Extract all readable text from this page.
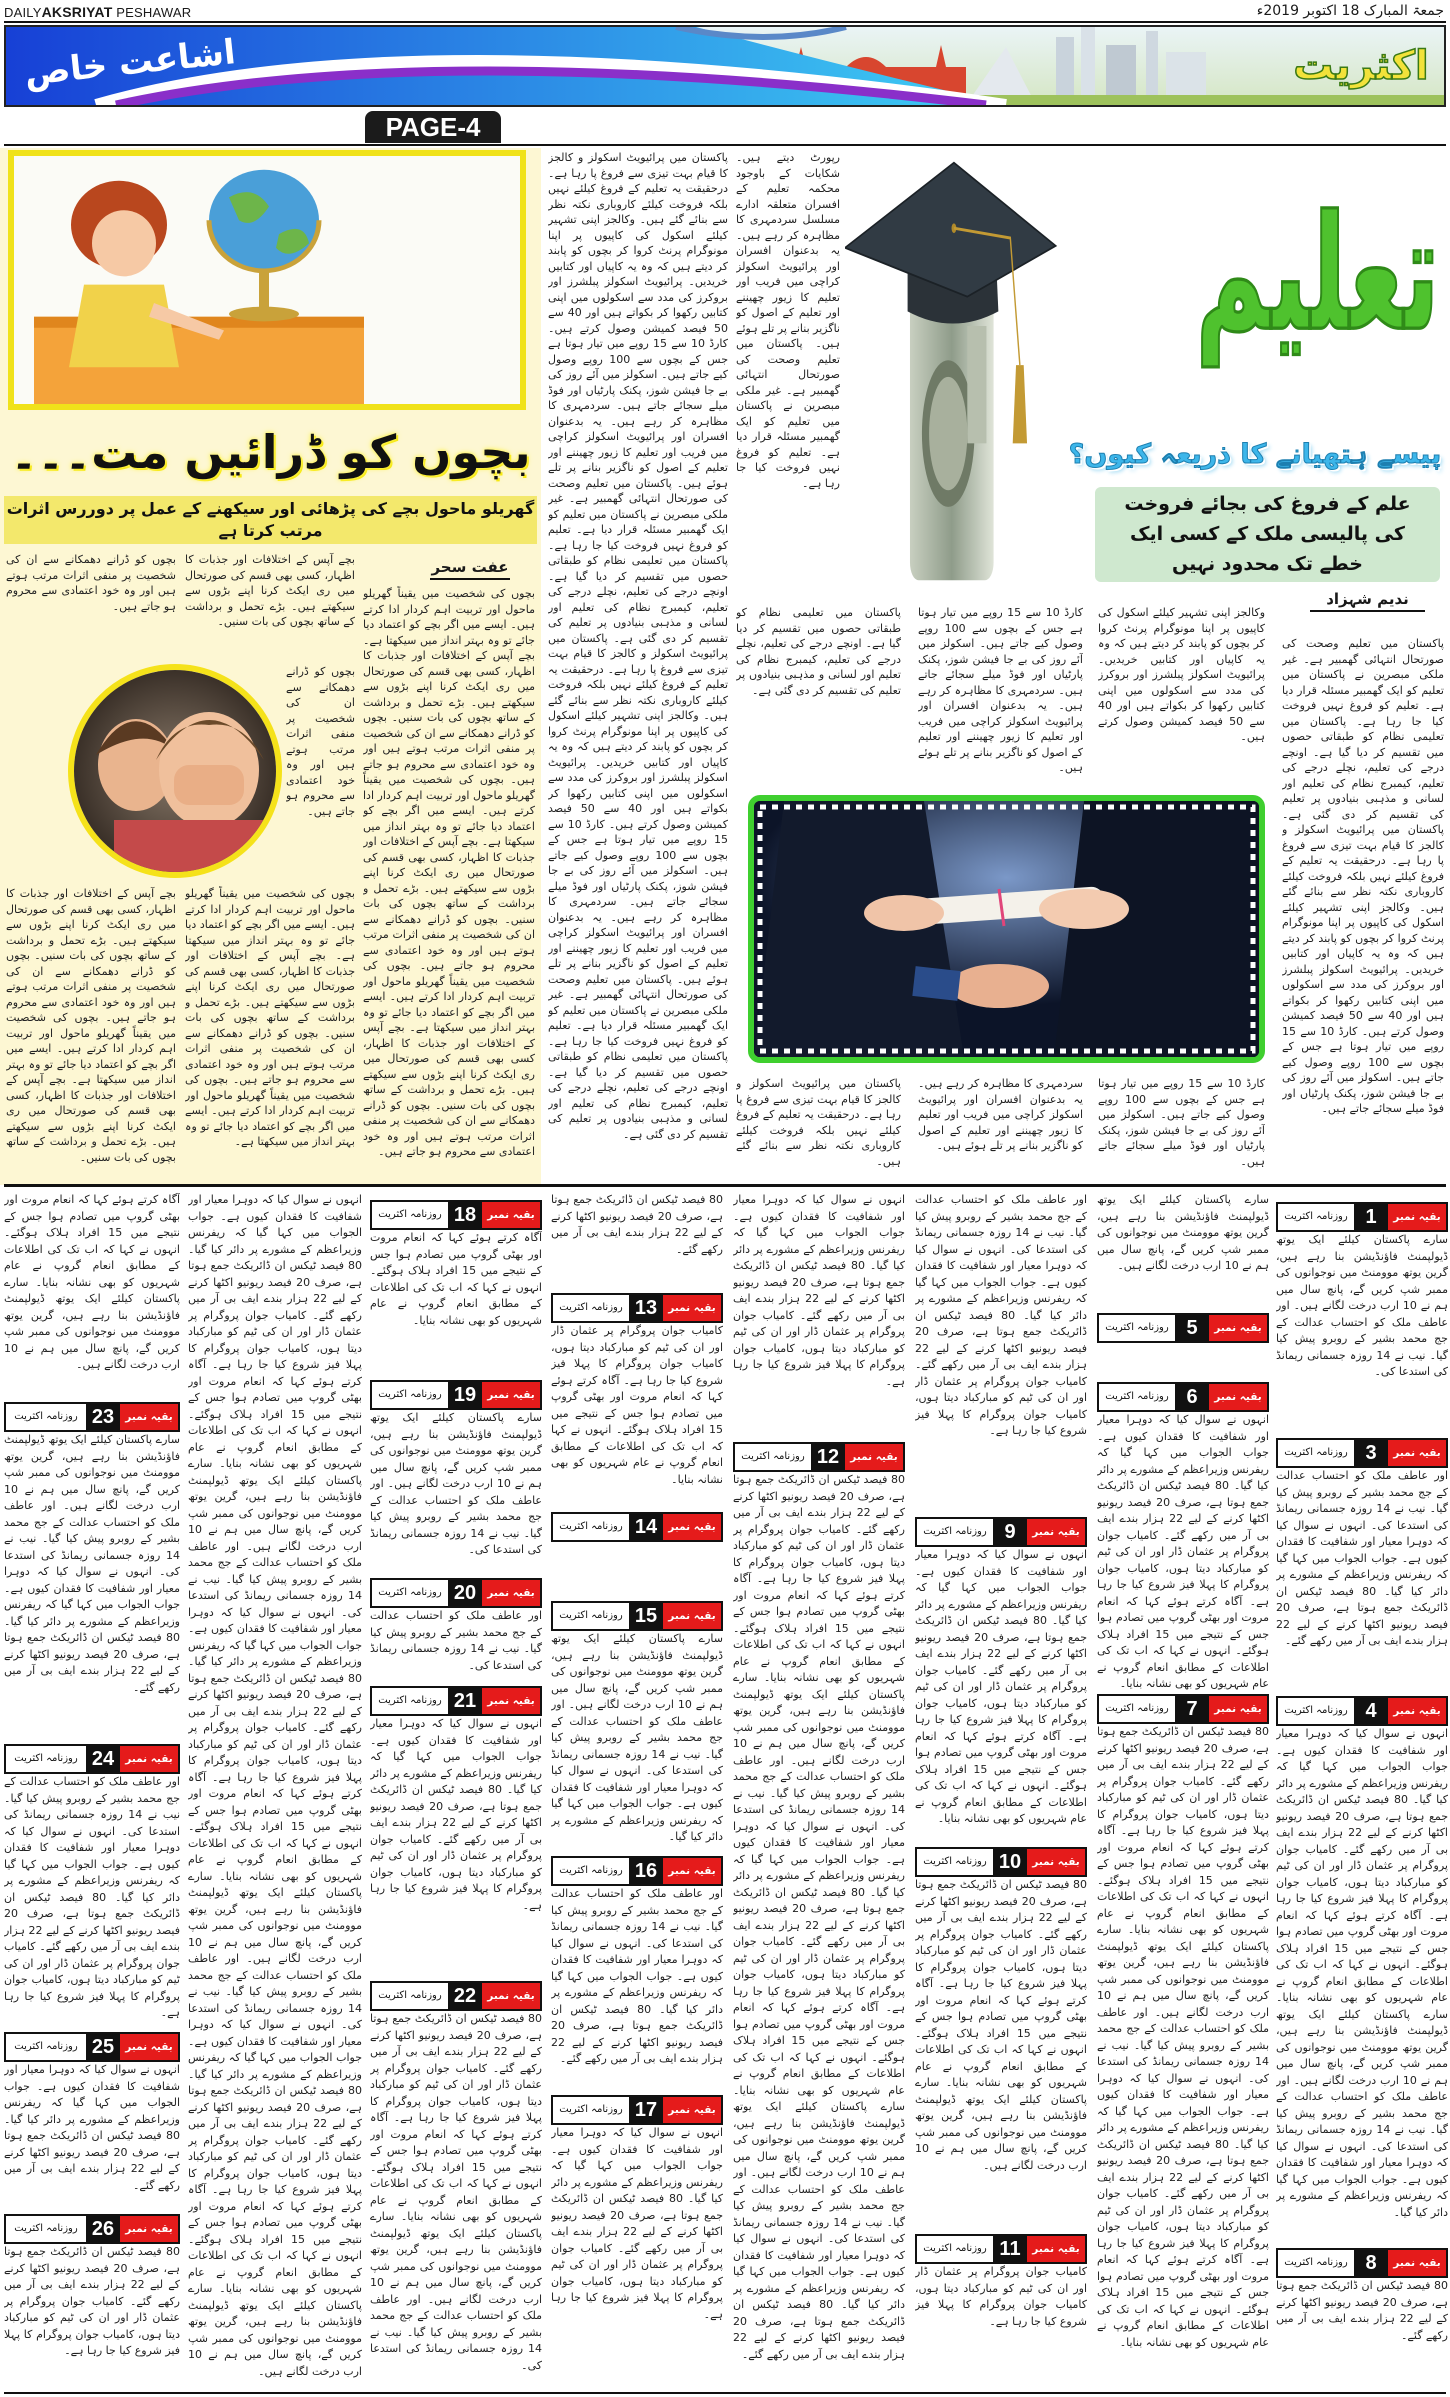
DAILYAKSRIYAT PESHAWAR	جمعۃ المبارک 18 اکتوبر 2019ء
اشاعت خاص	اکثریت
PAGE-4
بچوں کو ڈرائیں مت۔۔۔
گھریلو ماحول بچے کی پڑھائی اور سیکھنے کے عمل پر دوررس اثرات مرتب کرتا ہے
عفت سحر
بچوں کی شخصیت میں یقیناً گھریلو ماحول اور تربیت اہم کردار ادا کرتے ہیں۔ ایسے میں اگر بچے کو اعتماد دیا جائے تو وہ بہتر انداز میں سیکھتا ہے۔ بچے آپس کے اختلافات اور جذبات کا اظہار، کسی بھی قسم کی صورتحال میں ری ایکٹ کرنا اپنے بڑوں سے سیکھتے ہیں۔ بڑے تحمل و برداشت کے ساتھ بچوں کی بات سنیں۔ بچوں کو ڈرانے دھمکانے سے ان کی شخصیت پر منفی اثرات مرتب ہوتے ہیں اور وہ خود اعتمادی سے محروم ہو جاتے ہیں۔ بچوں کی شخصیت میں یقیناً گھریلو ماحول اور تربیت اہم کردار ادا کرتے ہیں۔ ایسے میں اگر بچے کو اعتماد دیا جائے تو وہ بہتر انداز میں سیکھتا ہے۔ بچے آپس کے اختلافات اور جذبات کا اظہار، کسی بھی قسم کی صورتحال میں ری ایکٹ کرنا اپنے بڑوں سے سیکھتے ہیں۔ بڑے تحمل و برداشت کے ساتھ بچوں کی بات سنیں۔ بچوں کو ڈرانے دھمکانے سے ان کی شخصیت پر منفی اثرات مرتب ہوتے ہیں اور وہ خود اعتمادی سے محروم ہو جاتے ہیں۔ بچوں کی شخصیت میں یقیناً گھریلو ماحول اور تربیت اہم کردار ادا کرتے ہیں۔ ایسے میں اگر بچے کو اعتماد دیا جائے تو وہ بہتر انداز میں سیکھتا ہے۔ بچے آپس کے اختلافات اور جذبات کا اظہار، کسی بھی قسم کی صورتحال میں ری ایکٹ کرنا اپنے بڑوں سے سیکھتے ہیں۔ بڑے تحمل و برداشت کے ساتھ بچوں کی بات سنیں۔ بچوں کو ڈرانے دھمکانے سے ان کی شخصیت پر منفی اثرات مرتب ہوتے ہیں اور وہ خود اعتمادی سے محروم ہو جاتے ہیں۔
بچے آپس کے اختلافات اور جذبات کا اظہار، کسی بھی قسم کی صورتحال میں ری ایکٹ کرنا اپنے بڑوں سے سیکھتے ہیں۔ بڑے تحمل و برداشت کے ساتھ بچوں کی بات سنیں۔
بچوں کو ڈرانے دھمکانے سے ان کی شخصیت پر منفی اثرات مرتب ہوتے ہیں اور وہ خود اعتمادی سے محروم ہو جاتے ہیں۔
بچوں کی شخصیت میں یقیناً گھریلو ماحول اور تربیت اہم کردار ادا کرتے ہیں۔ ایسے میں اگر بچے کو اعتماد دیا جائے تو وہ بہتر انداز میں سیکھتا ہے۔ بچے آپس کے اختلافات اور جذبات کا اظہار، کسی بھی قسم کی صورتحال میں ری ایکٹ کرنا اپنے بڑوں سے سیکھتے ہیں۔ بڑے تحمل و برداشت کے ساتھ بچوں کی بات سنیں۔ بچوں کو ڈرانے دھمکانے سے ان کی شخصیت پر منفی اثرات مرتب ہوتے ہیں اور وہ خود اعتمادی سے محروم ہو جاتے ہیں۔ بچوں کی شخصیت میں یقیناً گھریلو ماحول اور تربیت اہم کردار ادا کرتے ہیں۔ ایسے میں اگر بچے کو اعتماد دیا جائے تو وہ بہتر انداز میں سیکھتا ہے۔
بچوں کو ڈرانے دھمکانے سے ان کی شخصیت پر منفی اثرات مرتب ہوتے ہیں اور وہ خود اعتمادی سے محروم ہو جاتے ہیں۔
بچے آپس کے اختلافات اور جذبات کا اظہار، کسی بھی قسم کی صورتحال میں ری ایکٹ کرنا اپنے بڑوں سے سیکھتے ہیں۔ بڑے تحمل و برداشت کے ساتھ بچوں کی بات سنیں۔ بچوں کو ڈرانے دھمکانے سے ان کی شخصیت پر منفی اثرات مرتب ہوتے ہیں اور وہ خود اعتمادی سے محروم ہو جاتے ہیں۔ بچوں کی شخصیت میں یقیناً گھریلو ماحول اور تربیت اہم کردار ادا کرتے ہیں۔ ایسے میں اگر بچے کو اعتماد دیا جائے تو وہ بہتر انداز میں سیکھتا ہے۔ بچے آپس کے اختلافات اور جذبات کا اظہار، کسی بھی قسم کی صورتحال میں ری ایکٹ کرنا اپنے بڑوں سے سیکھتے ہیں۔ بڑے تحمل و برداشت کے ساتھ بچوں کی بات سنیں۔
پاکستان میں پرائیویٹ اسکولز و کالجز کا قیام بہت تیزی سے فروغ پا رہا ہے۔ درحقیقت یہ تعلیم کے فروغ کیلئے نہیں بلکہ فروخت کیلئے کاروباری نکتہ نظر سے بنائے گئے ہیں۔ وکالجز اپنی تشہیر کیلئے اسکول کی کاپیوں پر اپنا مونوگرام پرنٹ کروا کر بچوں کو پابند کر دیتے ہیں کہ وہ یہ کاپیاں اور کتابیں خریدیں۔ پرائیویٹ اسکولز پبلشرز اور بروکرز کی مدد سے اسکولوں میں اپنی کتابیں رکھوا کر بکواتے ہیں اور 40 سے 50 فیصد کمیشن وصول کرتے ہیں۔ کارڈ 10 سے 15 روپے میں تیار ہوتا ہے جس کے بچوں سے 100 روپے وصول کیے جاتے ہیں۔ اسکولز میں آئے روز کی بے جا فیشن شوز، پکنک پارٹیاں اور فوڈ میلے سجائے جاتے ہیں۔ سردمہری کا مظاہرہ کر رہے ہیں۔ یہ بدعنوان افسران اور پرائیویٹ اسکولز کراچی میں فریب اور تعلیم کا زیور چھیننے اور تعلیم کے اصول کو ناگزیر بنانے پر تلے ہوئے ہیں۔ پاکستان میں تعلیم وصحت کی صورتحال انتہائی گھمبیر ہے۔ غیر ملکی مبصرین نے پاکستان میں تعلیم کو ایک گھمبیر مسئلہ قرار دیا ہے۔ تعلیم کو فروغ نہیں فروخت کیا جا رہا ہے۔ پاکستان میں تعلیمی نظام کو طبقاتی حصوں میں تقسیم کر دیا گیا ہے۔ اونچے درجے کی تعلیم، نچلے درجے کی تعلیم، کیمبرج نظام کی تعلیم اور لسانی و مذہبی بنیادوں پر تعلیم کی تقسیم کر دی گئی ہے۔ پاکستان میں پرائیویٹ اسکولز و کالجز کا قیام بہت تیزی سے فروغ پا رہا ہے۔ درحقیقت یہ تعلیم کے فروغ کیلئے نہیں بلکہ فروخت کیلئے کاروباری نکتہ نظر سے بنائے گئے ہیں۔ وکالجز اپنی تشہیر کیلئے اسکول کی کاپیوں پر اپنا مونوگرام پرنٹ کروا کر بچوں کو پابند کر دیتے ہیں کہ وہ یہ کاپیاں اور کتابیں خریدیں۔ پرائیویٹ اسکولز پبلشرز اور بروکرز کی مدد سے اسکولوں میں اپنی کتابیں رکھوا کر بکواتے ہیں اور 40 سے 50 فیصد کمیشن وصول کرتے ہیں۔ کارڈ 10 سے 15 روپے میں تیار ہوتا ہے جس کے بچوں سے 100 روپے وصول کیے جاتے ہیں۔ اسکولز میں آئے روز کی بے جا فیشن شوز، پکنک پارٹیاں اور فوڈ میلے سجائے جاتے ہیں۔ سردمہری کا مظاہرہ کر رہے ہیں۔ یہ بدعنوان افسران اور پرائیویٹ اسکولز کراچی میں فریب اور تعلیم کا زیور چھیننے اور تعلیم کے اصول کو ناگزیر بنانے پر تلے ہوئے ہیں۔ پاکستان میں تعلیم وصحت کی صورتحال انتہائی گھمبیر ہے۔ غیر ملکی مبصرین نے پاکستان میں تعلیم کو ایک گھمبیر مسئلہ قرار دیا ہے۔ تعلیم کو فروغ نہیں فروخت کیا جا رہا ہے۔ پاکستان میں تعلیمی نظام کو طبقاتی حصوں میں تقسیم کر دیا گیا ہے۔ اونچے درجے کی تعلیم، نچلے درجے کی تعلیم، کیمبرج نظام کی تعلیم اور لسانی و مذہبی بنیادوں پر تعلیم کی تقسیم کر دی گئی ہے۔
رپورٹ دیتے ہیں۔ شکایات کے باوجود محکمہ تعلیم کے افسران متعلقہ ادارے مسلسل سردمہری کا مظاہرہ کر رہے ہیں۔ یہ بدعنوان افسران اور پرائیویٹ اسکولز کراچی میں فریب اور تعلیم کا زیور چھیننے اور تعلیم کے اصول کو ناگزیر بنانے پر تلے ہوئے ہیں۔ پاکستان میں تعلیم وصحت کی صورتحال انتہائی گھمبیر ہے۔ غیر ملکی مبصرین نے پاکستان میں تعلیم کو ایک گھمبیر مسئلہ قرار دیا ہے۔ تعلیم کو فروغ نہیں فروخت کیا جا رہا ہے۔
تعلیم
پیسے ہتھیانے کا ذریعہ کیوں؟
علم کے فروغ کی بجائے فروخت کی پالیسی ملک کے کسی ایک خطے تک محدود نہیں
ندیم شہزاد
پاکستان میں تعلیم وصحت کی صورتحال انتہائی گھمبیر ہے۔ غیر ملکی مبصرین نے پاکستان میں تعلیم کو ایک گھمبیر مسئلہ قرار دیا ہے۔ تعلیم کو فروغ نہیں فروخت کیا جا رہا ہے۔ پاکستان میں تعلیمی نظام کو طبقاتی حصوں میں تقسیم کر دیا گیا ہے۔ اونچے درجے کی تعلیم، نچلے درجے کی تعلیم، کیمبرج نظام کی تعلیم اور لسانی و مذہبی بنیادوں پر تعلیم کی تقسیم کر دی گئی ہے۔ پاکستان میں پرائیویٹ اسکولز و کالجز کا قیام بہت تیزی سے فروغ پا رہا ہے۔ درحقیقت یہ تعلیم کے فروغ کیلئے نہیں بلکہ فروخت کیلئے کاروباری نکتہ نظر سے بنائے گئے ہیں۔ وکالجز اپنی تشہیر کیلئے اسکول کی کاپیوں پر اپنا مونوگرام پرنٹ کروا کر بچوں کو پابند کر دیتے ہیں کہ وہ یہ کاپیاں اور کتابیں خریدیں۔ پرائیویٹ اسکولز پبلشرز اور بروکرز کی مدد سے اسکولوں میں اپنی کتابیں رکھوا کر بکواتے ہیں اور 40 سے 50 فیصد کمیشن وصول کرتے ہیں۔ کارڈ 10 سے 15 روپے میں تیار ہوتا ہے جس کے بچوں سے 100 روپے وصول کیے جاتے ہیں۔ اسکولز میں آئے روز کی بے جا فیشن شوز، پکنک پارٹیاں اور فوڈ میلے سجائے جاتے ہیں۔
وکالجز اپنی تشہیر کیلئے اسکول کی کاپیوں پر اپنا مونوگرام پرنٹ کروا کر بچوں کو پابند کر دیتے ہیں کہ وہ یہ کاپیاں اور کتابیں خریدیں۔ پرائیویٹ اسکولز پبلشرز اور بروکرز کی مدد سے اسکولوں میں اپنی کتابیں رکھوا کر بکواتے ہیں اور 40 سے 50 فیصد کمیشن وصول کرتے ہیں۔
کارڈ 10 سے 15 روپے میں تیار ہوتا ہے جس کے بچوں سے 100 روپے وصول کیے جاتے ہیں۔ اسکولز میں آئے روز کی بے جا فیشن شوز، پکنک پارٹیاں اور فوڈ میلے سجائے جاتے ہیں۔ سردمہری کا مظاہرہ کر رہے ہیں۔ یہ بدعنوان افسران اور پرائیویٹ اسکولز کراچی میں فریب اور تعلیم کا زیور چھیننے اور تعلیم کے اصول کو ناگزیر بنانے پر تلے ہوئے ہیں۔
پاکستان میں تعلیمی نظام کو طبقاتی حصوں میں تقسیم کر دیا گیا ہے۔ اونچے درجے کی تعلیم، نچلے درجے کی تعلیم، کیمبرج نظام کی تعلیم اور لسانی و مذہبی بنیادوں پر تعلیم کی تقسیم کر دی گئی ہے۔
کارڈ 10 سے 15 روپے میں تیار ہوتا ہے جس کے بچوں سے 100 روپے وصول کیے جاتے ہیں۔ اسکولز میں آئے روز کی بے جا فیشن شوز، پکنک پارٹیاں اور فوڈ میلے سجائے جاتے ہیں۔
سردمہری کا مظاہرہ کر رہے ہیں۔ یہ بدعنوان افسران اور پرائیویٹ اسکولز کراچی میں فریب اور تعلیم کا زیور چھیننے اور تعلیم کے اصول کو ناگزیر بنانے پر تلے ہوئے ہیں۔
پاکستان میں پرائیویٹ اسکولز و کالجز کا قیام بہت تیزی سے فروغ پا رہا ہے۔ درحقیقت یہ تعلیم کے فروغ کیلئے نہیں بلکہ فروخت کیلئے کاروباری نکتہ نظر سے بنائے گئے ہیں۔
بقیہ نمبر
1
روزنامہ اکثریت
سارے پاکستان کیلئے ایک یوتھ ڈیولپمنٹ فاؤنڈیشن بنا رہے ہیں، گرین یوتھ موومنٹ میں نوجوانوں کی ممبر شپ کریں گے، پانچ سال میں ہم نے 10 ارب درخت لگانے ہیں۔ اور عاطف ملک کو احتساب عدالت کے جج محمد بشیر کے روبرو پیش کیا گیا۔ نیب نے 14 روزہ جسمانی ریمانڈ کی استدعا کی۔
بقیہ نمبر
3
روزنامہ اکثریت
اور عاطف ملک کو احتساب عدالت کے جج محمد بشیر کے روبرو پیش کیا گیا۔ نیب نے 14 روزہ جسمانی ریمانڈ کی استدعا کی۔ انہوں نے سوال کیا کہ دوہرا معیار اور شفافیت کا فقدان کیوں ہے۔ جواب الجواب میں کہا گیا کہ ریفرنس وزیراعظم کے مشورے پر دائر کیا گیا۔ 80 فیصد ٹیکس ان ڈائریکٹ جمع ہوتا ہے، صرف 20 فیصد ریونیو اکٹھا کرنے کے لیے 22 ہزار بندے ایف بی آر میں رکھے گئے۔
بقیہ نمبر
4
روزنامہ اکثریت
انہوں نے سوال کیا کہ دوہرا معیار اور شفافیت کا فقدان کیوں ہے۔ جواب الجواب میں کہا گیا کہ ریفرنس وزیراعظم کے مشورے پر دائر کیا گیا۔ 80 فیصد ٹیکس ان ڈائریکٹ جمع ہوتا ہے، صرف 20 فیصد ریونیو اکٹھا کرنے کے لیے 22 ہزار بندے ایف بی آر میں رکھے گئے۔ کامیاب جوان پروگرام پر عثمان ڈار اور ان کی ٹیم کو مبارکباد دیتا ہوں، کامیاب جوان پروگرام کا پہلا فیز شروع کیا جا رہا ہے۔ آگاہ کرتے ہوئے کہا کہ انعام مروت اور بھٹی گروپ میں تصادم ہوا جس کے نتیجے میں 15 افراد ہلاک ہوگئے۔ انہوں نے کہا کہ اب تک کی اطلاعات کے مطابق انعام گروپ نے عام شہریوں کو بھی نشانہ بنایا۔ سارے پاکستان کیلئے ایک یوتھ ڈیولپمنٹ فاؤنڈیشن بنا رہے ہیں، گرین یوتھ موومنٹ میں نوجوانوں کی ممبر شپ کریں گے، پانچ سال میں ہم نے 10 ارب درخت لگانے ہیں۔ اور عاطف ملک کو احتساب عدالت کے جج محمد بشیر کے روبرو پیش کیا گیا۔ نیب نے 14 روزہ جسمانی ریمانڈ کی استدعا کی۔ انہوں نے سوال کیا کہ دوہرا معیار اور شفافیت کا فقدان کیوں ہے۔ جواب الجواب میں کہا گیا کہ ریفرنس وزیراعظم کے مشورے پر دائر کیا گیا۔
بقیہ نمبر
8
روزنامہ اکثریت
80 فیصد ٹیکس ان ڈائریکٹ جمع ہوتا ہے، صرف 20 فیصد ریونیو اکٹھا کرنے کے لیے 22 ہزار بندے ایف بی آر میں رکھے گئے۔
سارے پاکستان کیلئے ایک یوتھ ڈیولپمنٹ فاؤنڈیشن بنا رہے ہیں، گرین یوتھ موومنٹ میں نوجوانوں کی ممبر شپ کریں گے، پانچ سال میں ہم نے 10 ارب درخت لگانے ہیں۔
بقیہ نمبر
5
روزنامہ اکثریت
بقیہ نمبر
6
روزنامہ اکثریت
انہوں نے سوال کیا کہ دوہرا معیار اور شفافیت کا فقدان کیوں ہے۔ جواب الجواب میں کہا گیا کہ ریفرنس وزیراعظم کے مشورے پر دائر کیا گیا۔ 80 فیصد ٹیکس ان ڈائریکٹ جمع ہوتا ہے، صرف 20 فیصد ریونیو اکٹھا کرنے کے لیے 22 ہزار بندے ایف بی آر میں رکھے گئے۔ کامیاب جوان پروگرام پر عثمان ڈار اور ان کی ٹیم کو مبارکباد دیتا ہوں، کامیاب جوان پروگرام کا پہلا فیز شروع کیا جا رہا ہے۔ آگاہ کرتے ہوئے کہا کہ انعام مروت اور بھٹی گروپ میں تصادم ہوا جس کے نتیجے میں 15 افراد ہلاک ہوگئے۔ انہوں نے کہا کہ اب تک کی اطلاعات کے مطابق انعام گروپ نے عام شہریوں کو بھی نشانہ بنایا۔
بقیہ نمبر
7
روزنامہ اکثریت
80 فیصد ٹیکس ان ڈائریکٹ جمع ہوتا ہے، صرف 20 فیصد ریونیو اکٹھا کرنے کے لیے 22 ہزار بندے ایف بی آر میں رکھے گئے۔ کامیاب جوان پروگرام پر عثمان ڈار اور ان کی ٹیم کو مبارکباد دیتا ہوں، کامیاب جوان پروگرام کا پہلا فیز شروع کیا جا رہا ہے۔ آگاہ کرتے ہوئے کہا کہ انعام مروت اور بھٹی گروپ میں تصادم ہوا جس کے نتیجے میں 15 افراد ہلاک ہوگئے۔ انہوں نے کہا کہ اب تک کی اطلاعات کے مطابق انعام گروپ نے عام شہریوں کو بھی نشانہ بنایا۔ سارے پاکستان کیلئے ایک یوتھ ڈیولپمنٹ فاؤنڈیشن بنا رہے ہیں، گرین یوتھ موومنٹ میں نوجوانوں کی ممبر شپ کریں گے، پانچ سال میں ہم نے 10 ارب درخت لگانے ہیں۔ اور عاطف ملک کو احتساب عدالت کے جج محمد بشیر کے روبرو پیش کیا گیا۔ نیب نے 14 روزہ جسمانی ریمانڈ کی استدعا کی۔ انہوں نے سوال کیا کہ دوہرا معیار اور شفافیت کا فقدان کیوں ہے۔ جواب الجواب میں کہا گیا کہ ریفرنس وزیراعظم کے مشورے پر دائر کیا گیا۔ 80 فیصد ٹیکس ان ڈائریکٹ جمع ہوتا ہے، صرف 20 فیصد ریونیو اکٹھا کرنے کے لیے 22 ہزار بندے ایف بی آر میں رکھے گئے۔ کامیاب جوان پروگرام پر عثمان ڈار اور ان کی ٹیم کو مبارکباد دیتا ہوں، کامیاب جوان پروگرام کا پہلا فیز شروع کیا جا رہا ہے۔ آگاہ کرتے ہوئے کہا کہ انعام مروت اور بھٹی گروپ میں تصادم ہوا جس کے نتیجے میں 15 افراد ہلاک ہوگئے۔ انہوں نے کہا کہ اب تک کی اطلاعات کے مطابق انعام گروپ نے عام شہریوں کو بھی نشانہ بنایا۔
اور عاطف ملک کو احتساب عدالت کے جج محمد بشیر کے روبرو پیش کیا گیا۔ نیب نے 14 روزہ جسمانی ریمانڈ کی استدعا کی۔ انہوں نے سوال کیا کہ دوہرا معیار اور شفافیت کا فقدان کیوں ہے۔ جواب الجواب میں کہا گیا کہ ریفرنس وزیراعظم کے مشورے پر دائر کیا گیا۔ 80 فیصد ٹیکس ان ڈائریکٹ جمع ہوتا ہے، صرف 20 فیصد ریونیو اکٹھا کرنے کے لیے 22 ہزار بندے ایف بی آر میں رکھے گئے۔ کامیاب جوان پروگرام پر عثمان ڈار اور ان کی ٹیم کو مبارکباد دیتا ہوں، کامیاب جوان پروگرام کا پہلا فیز شروع کیا جا رہا ہے۔
بقیہ نمبر
9
روزنامہ اکثریت
انہوں نے سوال کیا کہ دوہرا معیار اور شفافیت کا فقدان کیوں ہے۔ جواب الجواب میں کہا گیا کہ ریفرنس وزیراعظم کے مشورے پر دائر کیا گیا۔ 80 فیصد ٹیکس ان ڈائریکٹ جمع ہوتا ہے، صرف 20 فیصد ریونیو اکٹھا کرنے کے لیے 22 ہزار بندے ایف بی آر میں رکھے گئے۔ کامیاب جوان پروگرام پر عثمان ڈار اور ان کی ٹیم کو مبارکباد دیتا ہوں، کامیاب جوان پروگرام کا پہلا فیز شروع کیا جا رہا ہے۔ آگاہ کرتے ہوئے کہا کہ انعام مروت اور بھٹی گروپ میں تصادم ہوا جس کے نتیجے میں 15 افراد ہلاک ہوگئے۔ انہوں نے کہا کہ اب تک کی اطلاعات کے مطابق انعام گروپ نے عام شہریوں کو بھی نشانہ بنایا۔
بقیہ نمبر
10
روزنامہ اکثریت
80 فیصد ٹیکس ان ڈائریکٹ جمع ہوتا ہے، صرف 20 فیصد ریونیو اکٹھا کرنے کے لیے 22 ہزار بندے ایف بی آر میں رکھے گئے۔ کامیاب جوان پروگرام پر عثمان ڈار اور ان کی ٹیم کو مبارکباد دیتا ہوں، کامیاب جوان پروگرام کا پہلا فیز شروع کیا جا رہا ہے۔ آگاہ کرتے ہوئے کہا کہ انعام مروت اور بھٹی گروپ میں تصادم ہوا جس کے نتیجے میں 15 افراد ہلاک ہوگئے۔ انہوں نے کہا کہ اب تک کی اطلاعات کے مطابق انعام گروپ نے عام شہریوں کو بھی نشانہ بنایا۔ سارے پاکستان کیلئے ایک یوتھ ڈیولپمنٹ فاؤنڈیشن بنا رہے ہیں، گرین یوتھ موومنٹ میں نوجوانوں کی ممبر شپ کریں گے، پانچ سال میں ہم نے 10 ارب درخت لگانے ہیں۔
بقیہ نمبر
11
روزنامہ اکثریت
کامیاب جوان پروگرام پر عثمان ڈار اور ان کی ٹیم کو مبارکباد دیتا ہوں، کامیاب جوان پروگرام کا پہلا فیز شروع کیا جا رہا ہے۔
انہوں نے سوال کیا کہ دوہرا معیار اور شفافیت کا فقدان کیوں ہے۔ جواب الجواب میں کہا گیا کہ ریفرنس وزیراعظم کے مشورے پر دائر کیا گیا۔ 80 فیصد ٹیکس ان ڈائریکٹ جمع ہوتا ہے، صرف 20 فیصد ریونیو اکٹھا کرنے کے لیے 22 ہزار بندے ایف بی آر میں رکھے گئے۔ کامیاب جوان پروگرام پر عثمان ڈار اور ان کی ٹیم کو مبارکباد دیتا ہوں، کامیاب جوان پروگرام کا پہلا فیز شروع کیا جا رہا ہے۔
بقیہ نمبر
12
روزنامہ اکثریت
80 فیصد ٹیکس ان ڈائریکٹ جمع ہوتا ہے، صرف 20 فیصد ریونیو اکٹھا کرنے کے لیے 22 ہزار بندے ایف بی آر میں رکھے گئے۔ کامیاب جوان پروگرام پر عثمان ڈار اور ان کی ٹیم کو مبارکباد دیتا ہوں، کامیاب جوان پروگرام کا پہلا فیز شروع کیا جا رہا ہے۔ آگاہ کرتے ہوئے کہا کہ انعام مروت اور بھٹی گروپ میں تصادم ہوا جس کے نتیجے میں 15 افراد ہلاک ہوگئے۔ انہوں نے کہا کہ اب تک کی اطلاعات کے مطابق انعام گروپ نے عام شہریوں کو بھی نشانہ بنایا۔ سارے پاکستان کیلئے ایک یوتھ ڈیولپمنٹ فاؤنڈیشن بنا رہے ہیں، گرین یوتھ موومنٹ میں نوجوانوں کی ممبر شپ کریں گے، پانچ سال میں ہم نے 10 ارب درخت لگانے ہیں۔ اور عاطف ملک کو احتساب عدالت کے جج محمد بشیر کے روبرو پیش کیا گیا۔ نیب نے 14 روزہ جسمانی ریمانڈ کی استدعا کی۔ انہوں نے سوال کیا کہ دوہرا معیار اور شفافیت کا فقدان کیوں ہے۔ جواب الجواب میں کہا گیا کہ ریفرنس وزیراعظم کے مشورے پر دائر کیا گیا۔ 80 فیصد ٹیکس ان ڈائریکٹ جمع ہوتا ہے، صرف 20 فیصد ریونیو اکٹھا کرنے کے لیے 22 ہزار بندے ایف بی آر میں رکھے گئے۔ کامیاب جوان پروگرام پر عثمان ڈار اور ان کی ٹیم کو مبارکباد دیتا ہوں، کامیاب جوان پروگرام کا پہلا فیز شروع کیا جا رہا ہے۔ آگاہ کرتے ہوئے کہا کہ انعام مروت اور بھٹی گروپ میں تصادم ہوا جس کے نتیجے میں 15 افراد ہلاک ہوگئے۔ انہوں نے کہا کہ اب تک کی اطلاعات کے مطابق انعام گروپ نے عام شہریوں کو بھی نشانہ بنایا۔ سارے پاکستان کیلئے ایک یوتھ ڈیولپمنٹ فاؤنڈیشن بنا رہے ہیں، گرین یوتھ موومنٹ میں نوجوانوں کی ممبر شپ کریں گے، پانچ سال میں ہم نے 10 ارب درخت لگانے ہیں۔ اور عاطف ملک کو احتساب عدالت کے جج محمد بشیر کے روبرو پیش کیا گیا۔ نیب نے 14 روزہ جسمانی ریمانڈ کی استدعا کی۔ انہوں نے سوال کیا کہ دوہرا معیار اور شفافیت کا فقدان کیوں ہے۔ جواب الجواب میں کہا گیا کہ ریفرنس وزیراعظم کے مشورے پر دائر کیا گیا۔ 80 فیصد ٹیکس ان ڈائریکٹ جمع ہوتا ہے، صرف 20 فیصد ریونیو اکٹھا کرنے کے لیے 22 ہزار بندے ایف بی آر میں رکھے گئے۔
80 فیصد ٹیکس ان ڈائریکٹ جمع ہوتا ہے، صرف 20 فیصد ریونیو اکٹھا کرنے کے لیے 22 ہزار بندے ایف بی آر میں رکھے گئے۔
بقیہ نمبر
13
روزنامہ اکثریت
کامیاب جوان پروگرام پر عثمان ڈار اور ان کی ٹیم کو مبارکباد دیتا ہوں، کامیاب جوان پروگرام کا پہلا فیز شروع کیا جا رہا ہے۔ آگاہ کرتے ہوئے کہا کہ انعام مروت اور بھٹی گروپ میں تصادم ہوا جس کے نتیجے میں 15 افراد ہلاک ہوگئے۔ انہوں نے کہا کہ اب تک کی اطلاعات کے مطابق انعام گروپ نے عام شہریوں کو بھی نشانہ بنایا۔
بقیہ نمبر
14
روزنامہ اکثریت
بقیہ نمبر
15
روزنامہ اکثریت
سارے پاکستان کیلئے ایک یوتھ ڈیولپمنٹ فاؤنڈیشن بنا رہے ہیں، گرین یوتھ موومنٹ میں نوجوانوں کی ممبر شپ کریں گے، پانچ سال میں ہم نے 10 ارب درخت لگانے ہیں۔ اور عاطف ملک کو احتساب عدالت کے جج محمد بشیر کے روبرو پیش کیا گیا۔ نیب نے 14 روزہ جسمانی ریمانڈ کی استدعا کی۔ انہوں نے سوال کیا کہ دوہرا معیار اور شفافیت کا فقدان کیوں ہے۔ جواب الجواب میں کہا گیا کہ ریفرنس وزیراعظم کے مشورے پر دائر کیا گیا۔
بقیہ نمبر
16
روزنامہ اکثریت
اور عاطف ملک کو احتساب عدالت کے جج محمد بشیر کے روبرو پیش کیا گیا۔ نیب نے 14 روزہ جسمانی ریمانڈ کی استدعا کی۔ انہوں نے سوال کیا کہ دوہرا معیار اور شفافیت کا فقدان کیوں ہے۔ جواب الجواب میں کہا گیا کہ ریفرنس وزیراعظم کے مشورے پر دائر کیا گیا۔ 80 فیصد ٹیکس ان ڈائریکٹ جمع ہوتا ہے، صرف 20 فیصد ریونیو اکٹھا کرنے کے لیے 22 ہزار بندے ایف بی آر میں رکھے گئے۔
بقیہ نمبر
17
روزنامہ اکثریت
انہوں نے سوال کیا کہ دوہرا معیار اور شفافیت کا فقدان کیوں ہے۔ جواب الجواب میں کہا گیا کہ ریفرنس وزیراعظم کے مشورے پر دائر کیا گیا۔ 80 فیصد ٹیکس ان ڈائریکٹ جمع ہوتا ہے، صرف 20 فیصد ریونیو اکٹھا کرنے کے لیے 22 ہزار بندے ایف بی آر میں رکھے گئے۔ کامیاب جوان پروگرام پر عثمان ڈار اور ان کی ٹیم کو مبارکباد دیتا ہوں، کامیاب جوان پروگرام کا پہلا فیز شروع کیا جا رہا ہے۔
بقیہ نمبر
18
روزنامہ اکثریت
آگاہ کرتے ہوئے کہا کہ انعام مروت اور بھٹی گروپ میں تصادم ہوا جس کے نتیجے میں 15 افراد ہلاک ہوگئے۔ انہوں نے کہا کہ اب تک کی اطلاعات کے مطابق انعام گروپ نے عام شہریوں کو بھی نشانہ بنایا۔
بقیہ نمبر
19
روزنامہ اکثریت
سارے پاکستان کیلئے ایک یوتھ ڈیولپمنٹ فاؤنڈیشن بنا رہے ہیں، گرین یوتھ موومنٹ میں نوجوانوں کی ممبر شپ کریں گے، پانچ سال میں ہم نے 10 ارب درخت لگانے ہیں۔ اور عاطف ملک کو احتساب عدالت کے جج محمد بشیر کے روبرو پیش کیا گیا۔ نیب نے 14 روزہ جسمانی ریمانڈ کی استدعا کی۔
بقیہ نمبر
20
روزنامہ اکثریت
اور عاطف ملک کو احتساب عدالت کے جج محمد بشیر کے روبرو پیش کیا گیا۔ نیب نے 14 روزہ جسمانی ریمانڈ کی استدعا کی۔
بقیہ نمبر
21
روزنامہ اکثریت
انہوں نے سوال کیا کہ دوہرا معیار اور شفافیت کا فقدان کیوں ہے۔ جواب الجواب میں کہا گیا کہ ریفرنس وزیراعظم کے مشورے پر دائر کیا گیا۔ 80 فیصد ٹیکس ان ڈائریکٹ جمع ہوتا ہے، صرف 20 فیصد ریونیو اکٹھا کرنے کے لیے 22 ہزار بندے ایف بی آر میں رکھے گئے۔ کامیاب جوان پروگرام پر عثمان ڈار اور ان کی ٹیم کو مبارکباد دیتا ہوں، کامیاب جوان پروگرام کا پہلا فیز شروع کیا جا رہا ہے۔
بقیہ نمبر
22
روزنامہ اکثریت
80 فیصد ٹیکس ان ڈائریکٹ جمع ہوتا ہے، صرف 20 فیصد ریونیو اکٹھا کرنے کے لیے 22 ہزار بندے ایف بی آر میں رکھے گئے۔ کامیاب جوان پروگرام پر عثمان ڈار اور ان کی ٹیم کو مبارکباد دیتا ہوں، کامیاب جوان پروگرام کا پہلا فیز شروع کیا جا رہا ہے۔ آگاہ کرتے ہوئے کہا کہ انعام مروت اور بھٹی گروپ میں تصادم ہوا جس کے نتیجے میں 15 افراد ہلاک ہوگئے۔ انہوں نے کہا کہ اب تک کی اطلاعات کے مطابق انعام گروپ نے عام شہریوں کو بھی نشانہ بنایا۔ سارے پاکستان کیلئے ایک یوتھ ڈیولپمنٹ فاؤنڈیشن بنا رہے ہیں، گرین یوتھ موومنٹ میں نوجوانوں کی ممبر شپ کریں گے، پانچ سال میں ہم نے 10 ارب درخت لگانے ہیں۔ اور عاطف ملک کو احتساب عدالت کے جج محمد بشیر کے روبرو پیش کیا گیا۔ نیب نے 14 روزہ جسمانی ریمانڈ کی استدعا کی۔
انہوں نے سوال کیا کہ دوہرا معیار اور شفافیت کا فقدان کیوں ہے۔ جواب الجواب میں کہا گیا کہ ریفرنس وزیراعظم کے مشورے پر دائر کیا گیا۔ 80 فیصد ٹیکس ان ڈائریکٹ جمع ہوتا ہے، صرف 20 فیصد ریونیو اکٹھا کرنے کے لیے 22 ہزار بندے ایف بی آر میں رکھے گئے۔ کامیاب جوان پروگرام پر عثمان ڈار اور ان کی ٹیم کو مبارکباد دیتا ہوں، کامیاب جوان پروگرام کا پہلا فیز شروع کیا جا رہا ہے۔ آگاہ کرتے ہوئے کہا کہ انعام مروت اور بھٹی گروپ میں تصادم ہوا جس کے نتیجے میں 15 افراد ہلاک ہوگئے۔ انہوں نے کہا کہ اب تک کی اطلاعات کے مطابق انعام گروپ نے عام شہریوں کو بھی نشانہ بنایا۔ سارے پاکستان کیلئے ایک یوتھ ڈیولپمنٹ فاؤنڈیشن بنا رہے ہیں، گرین یوتھ موومنٹ میں نوجوانوں کی ممبر شپ کریں گے، پانچ سال میں ہم نے 10 ارب درخت لگانے ہیں۔ اور عاطف ملک کو احتساب عدالت کے جج محمد بشیر کے روبرو پیش کیا گیا۔ نیب نے 14 روزہ جسمانی ریمانڈ کی استدعا کی۔ انہوں نے سوال کیا کہ دوہرا معیار اور شفافیت کا فقدان کیوں ہے۔ جواب الجواب میں کہا گیا کہ ریفرنس وزیراعظم کے مشورے پر دائر کیا گیا۔ 80 فیصد ٹیکس ان ڈائریکٹ جمع ہوتا ہے، صرف 20 فیصد ریونیو اکٹھا کرنے کے لیے 22 ہزار بندے ایف بی آر میں رکھے گئے۔ کامیاب جوان پروگرام پر عثمان ڈار اور ان کی ٹیم کو مبارکباد دیتا ہوں، کامیاب جوان پروگرام کا پہلا فیز شروع کیا جا رہا ہے۔ آگاہ کرتے ہوئے کہا کہ انعام مروت اور بھٹی گروپ میں تصادم ہوا جس کے نتیجے میں 15 افراد ہلاک ہوگئے۔ انہوں نے کہا کہ اب تک کی اطلاعات کے مطابق انعام گروپ نے عام شہریوں کو بھی نشانہ بنایا۔ سارے پاکستان کیلئے ایک یوتھ ڈیولپمنٹ فاؤنڈیشن بنا رہے ہیں، گرین یوتھ موومنٹ میں نوجوانوں کی ممبر شپ کریں گے، پانچ سال میں ہم نے 10 ارب درخت لگانے ہیں۔ اور عاطف ملک کو احتساب عدالت کے جج محمد بشیر کے روبرو پیش کیا گیا۔ نیب نے 14 روزہ جسمانی ریمانڈ کی استدعا کی۔ انہوں نے سوال کیا کہ دوہرا معیار اور شفافیت کا فقدان کیوں ہے۔ جواب الجواب میں کہا گیا کہ ریفرنس وزیراعظم کے مشورے پر دائر کیا گیا۔ 80 فیصد ٹیکس ان ڈائریکٹ جمع ہوتا ہے، صرف 20 فیصد ریونیو اکٹھا کرنے کے لیے 22 ہزار بندے ایف بی آر میں رکھے گئے۔ کامیاب جوان پروگرام پر عثمان ڈار اور ان کی ٹیم کو مبارکباد دیتا ہوں، کامیاب جوان پروگرام کا پہلا فیز شروع کیا جا رہا ہے۔ آگاہ کرتے ہوئے کہا کہ انعام مروت اور بھٹی گروپ میں تصادم ہوا جس کے نتیجے میں 15 افراد ہلاک ہوگئے۔ انہوں نے کہا کہ اب تک کی اطلاعات کے مطابق انعام گروپ نے عام شہریوں کو بھی نشانہ بنایا۔ سارے پاکستان کیلئے ایک یوتھ ڈیولپمنٹ فاؤنڈیشن بنا رہے ہیں، گرین یوتھ موومنٹ میں نوجوانوں کی ممبر شپ کریں گے، پانچ سال میں ہم نے 10 ارب درخت لگانے ہیں۔
آگاہ کرتے ہوئے کہا کہ انعام مروت اور بھٹی گروپ میں تصادم ہوا جس کے نتیجے میں 15 افراد ہلاک ہوگئے۔ انہوں نے کہا کہ اب تک کی اطلاعات کے مطابق انعام گروپ نے عام شہریوں کو بھی نشانہ بنایا۔ سارے پاکستان کیلئے ایک یوتھ ڈیولپمنٹ فاؤنڈیشن بنا رہے ہیں، گرین یوتھ موومنٹ میں نوجوانوں کی ممبر شپ کریں گے، پانچ سال میں ہم نے 10 ارب درخت لگانے ہیں۔
بقیہ نمبر
23
روزنامہ اکثریت
سارے پاکستان کیلئے ایک یوتھ ڈیولپمنٹ فاؤنڈیشن بنا رہے ہیں، گرین یوتھ موومنٹ میں نوجوانوں کی ممبر شپ کریں گے، پانچ سال میں ہم نے 10 ارب درخت لگانے ہیں۔ اور عاطف ملک کو احتساب عدالت کے جج محمد بشیر کے روبرو پیش کیا گیا۔ نیب نے 14 روزہ جسمانی ریمانڈ کی استدعا کی۔ انہوں نے سوال کیا کہ دوہرا معیار اور شفافیت کا فقدان کیوں ہے۔ جواب الجواب میں کہا گیا کہ ریفرنس وزیراعظم کے مشورے پر دائر کیا گیا۔ 80 فیصد ٹیکس ان ڈائریکٹ جمع ہوتا ہے، صرف 20 فیصد ریونیو اکٹھا کرنے کے لیے 22 ہزار بندے ایف بی آر میں رکھے گئے۔
بقیہ نمبر
24
روزنامہ اکثریت
اور عاطف ملک کو احتساب عدالت کے جج محمد بشیر کے روبرو پیش کیا گیا۔ نیب نے 14 روزہ جسمانی ریمانڈ کی استدعا کی۔ انہوں نے سوال کیا کہ دوہرا معیار اور شفافیت کا فقدان کیوں ہے۔ جواب الجواب میں کہا گیا کہ ریفرنس وزیراعظم کے مشورے پر دائر کیا گیا۔ 80 فیصد ٹیکس ان ڈائریکٹ جمع ہوتا ہے، صرف 20 فیصد ریونیو اکٹھا کرنے کے لیے 22 ہزار بندے ایف بی آر میں رکھے گئے۔ کامیاب جوان پروگرام پر عثمان ڈار اور ان کی ٹیم کو مبارکباد دیتا ہوں، کامیاب جوان پروگرام کا پہلا فیز شروع کیا جا رہا ہے۔
بقیہ نمبر
25
روزنامہ اکثریت
انہوں نے سوال کیا کہ دوہرا معیار اور شفافیت کا فقدان کیوں ہے۔ جواب الجواب میں کہا گیا کہ ریفرنس وزیراعظم کے مشورے پر دائر کیا گیا۔ 80 فیصد ٹیکس ان ڈائریکٹ جمع ہوتا ہے، صرف 20 فیصد ریونیو اکٹھا کرنے کے لیے 22 ہزار بندے ایف بی آر میں رکھے گئے۔
بقیہ نمبر
26
روزنامہ اکثریت
80 فیصد ٹیکس ان ڈائریکٹ جمع ہوتا ہے، صرف 20 فیصد ریونیو اکٹھا کرنے کے لیے 22 ہزار بندے ایف بی آر میں رکھے گئے۔ کامیاب جوان پروگرام پر عثمان ڈار اور ان کی ٹیم کو مبارکباد دیتا ہوں، کامیاب جوان پروگرام کا پہلا فیز شروع کیا جا رہا ہے۔
